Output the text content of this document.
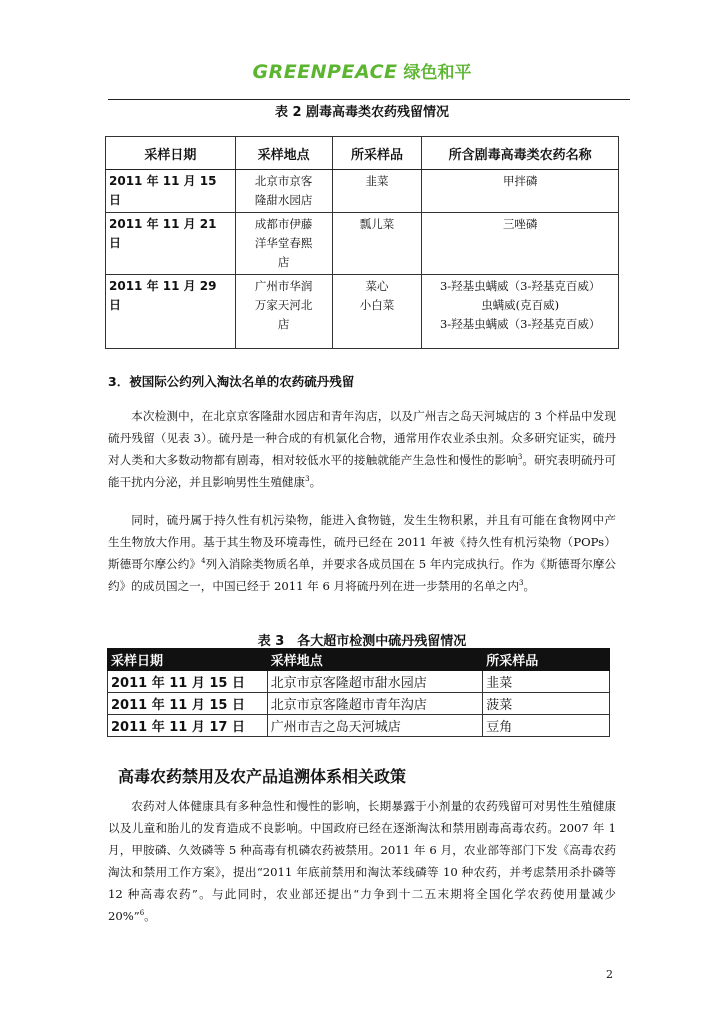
GREENPEACE 绿色和平
表 2 剧毒高毒类农药残留情况
采样日期	采样地点	所采样品	所含剧毒高毒类农药名称
2011 年 11 月 15 日	北京市京客
隆甜水园店	韭菜	甲拌磷

2011 年 11 月 21 日	成都市伊藤
洋华堂春熙
店	瓢儿菜	三唑磷

2011 年 11 月 29 日	广州市华润
万家天河北
店	菜心
小白菜	3-羟基虫螨威（3-羟基克百威）
虫螨威(克百威)
3-羟基虫螨威（3-羟基克百威）
3．被国际公约列入淘汰名单的农药硫丹残留

本次检测中，在北京京客隆甜水园店和青年沟店，以及广州吉之岛天河城店的 3 个样品中发现硫丹残留（见表 3）。硫丹是一种合成的有机氯化合物，通常用作农业杀虫剂。众多研究证实，硫丹对人类和大多数动物都有剧毒，相对较低水平的接触就能产生急性和慢性的影响$^3$。研究表明硫丹可能干扰内分泌，并且影响男性生殖健康$^3$。

同时，硫丹属于持久性有机污染物，能进入食物链，发生生物积累，并且有可能在食物网中产生生物放大作用。基于其生物及环境毒性，硫丹已经在 2011 年被《持久性有机污染物（POPs）斯德哥尔摩公约》$^4$列入消除类物质名单，并要求各成员国在 5 年内完成执行。作为《斯德哥尔摩公约》的成员国之一，中国已经于 2011 年 6 月将硫丹列在进一步禁用的名单之内$^3$。

表 3　各大超市检测中硫丹残留情况
采样日期	采样地点	所采样品
2011 年 11 月 15 日	北京市京客隆超市甜水园店	韭菜
2011 年 11 月 15 日	北京市京客隆超市青年沟店	菠菜
2011 年 11 月 17 日	广州市吉之岛天河城店	豆角
高毒农药禁用及农产品追溯体系相关政策

农药对人体健康具有多种急性和慢性的影响，长期暴露于小剂量的农药残留可对男性生殖健康以及儿童和胎儿的发育造成不良影响。中国政府已经在逐渐淘汰和禁用剧毒高毒农药。2007 年 1 月，甲胺磷、久效磷等 5 种高毒有机磷农药被禁用。2011 年 6 月，农业部等部门下发《高毒农药淘汰和禁用工作方案》，提出“2011 年底前禁用和淘汰苯线磷等 10 种农药，并考虑禁用杀扑磷等 12 种高毒农药”。与此同时，农业部还提出“力争到十二五末期将全国化学农药使用量减少 20%”$^6$。

2
